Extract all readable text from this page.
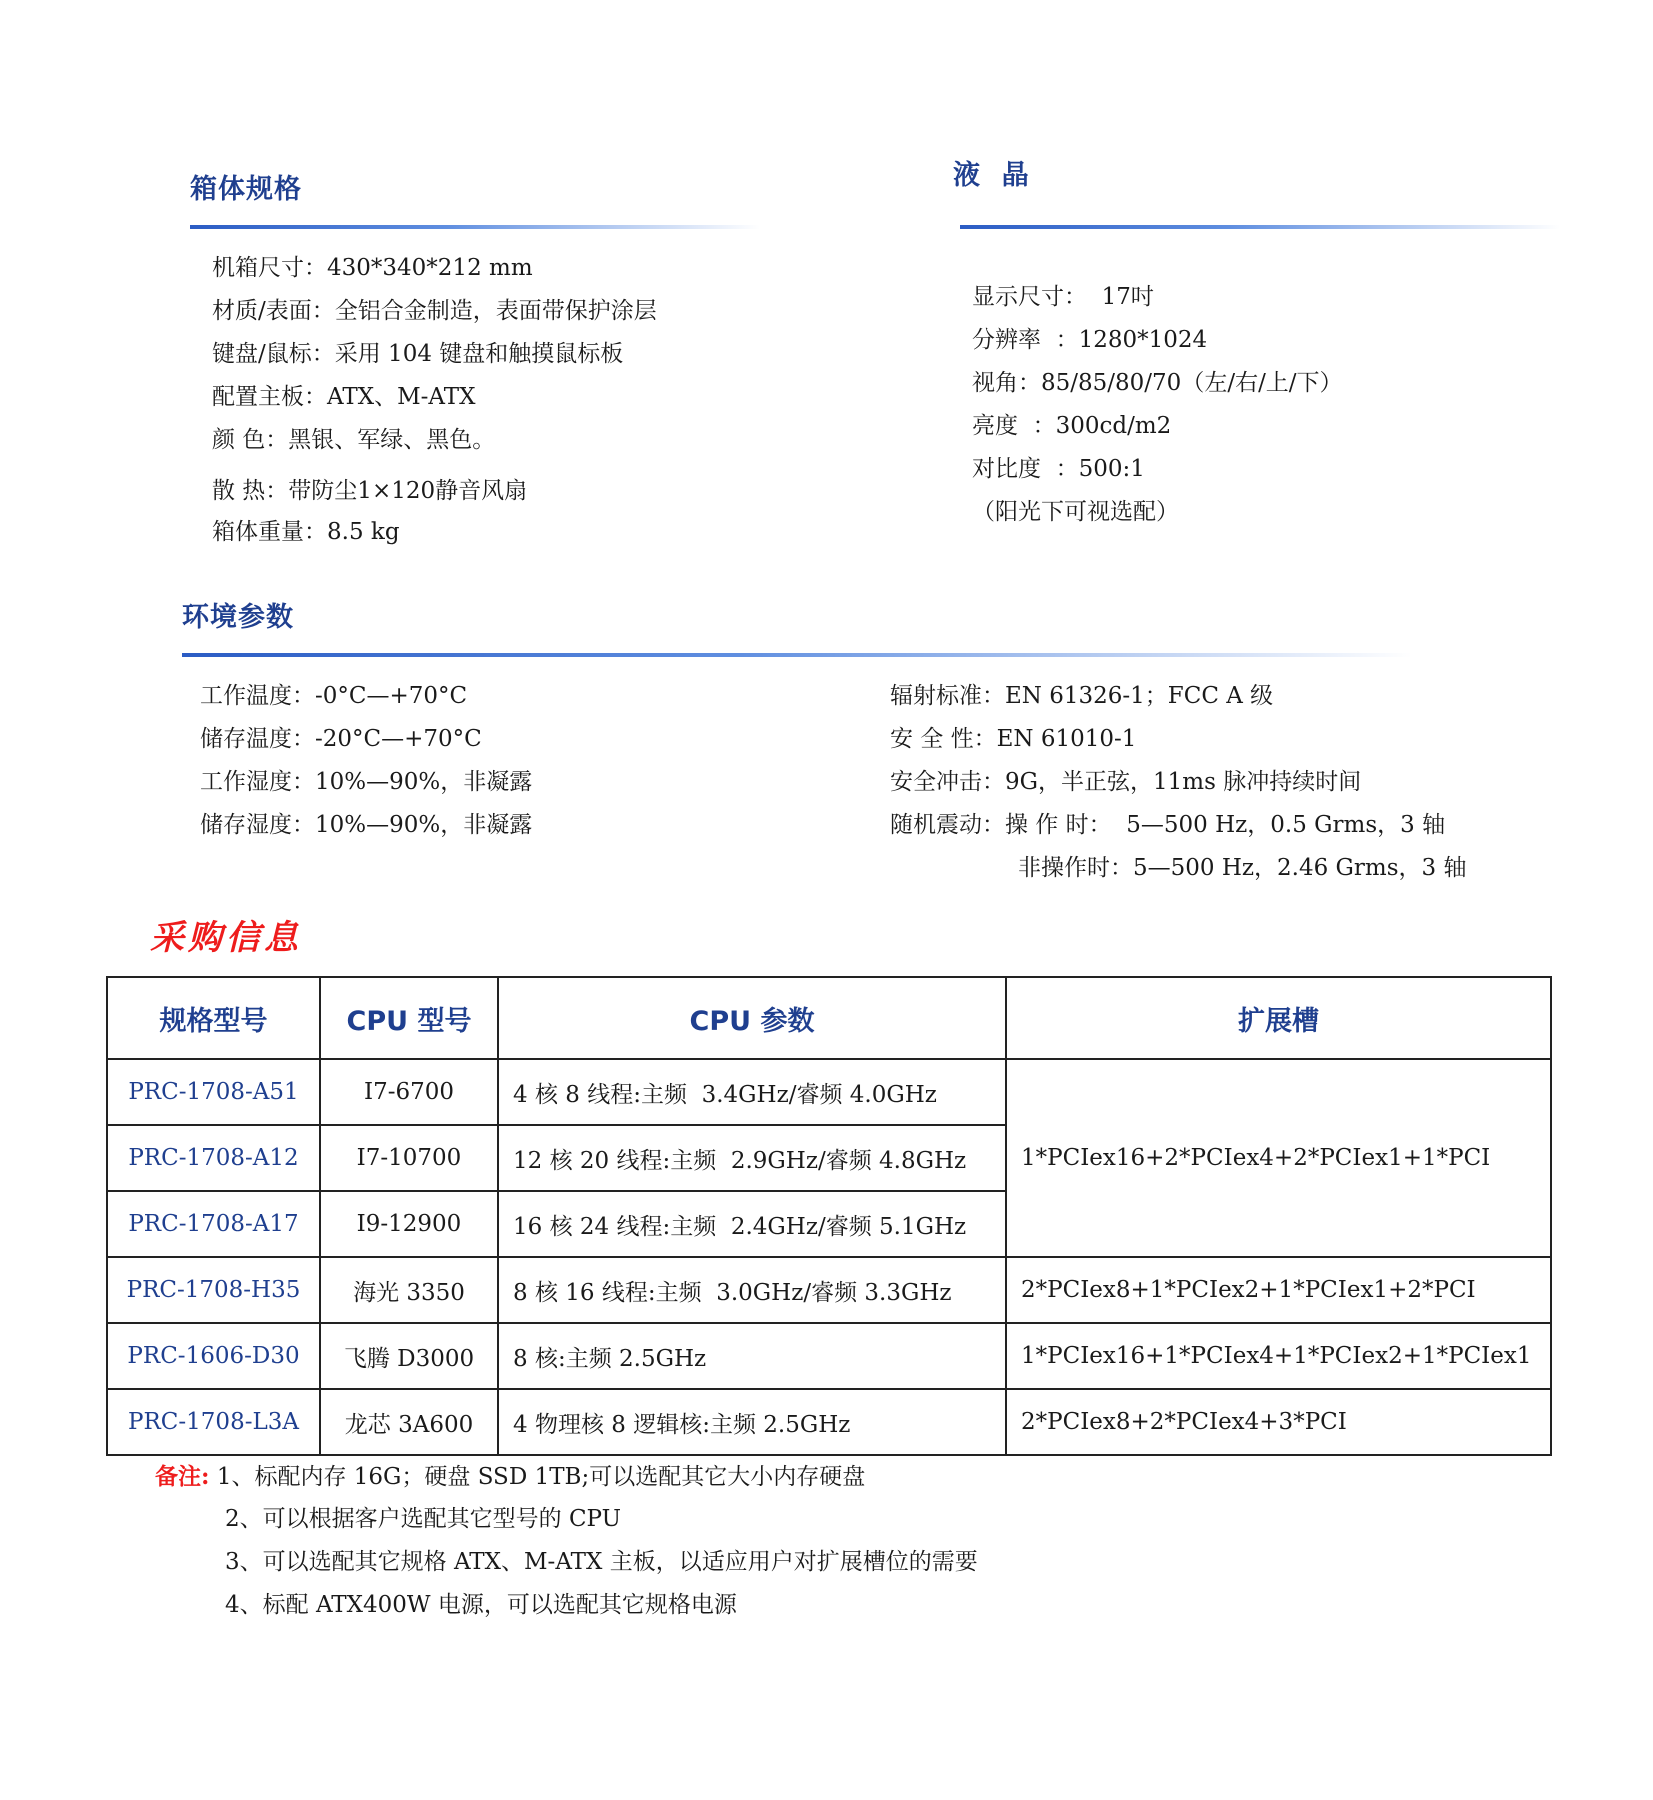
箱体规格
机箱尺寸：430*340*212 mm
材质/表面：全铝合金制造，表面带保护涂层
键盘/鼠标：采用 104 键盘和触摸鼠标板
配置主板：ATX、M-ATX
颜 色：黑银、军绿、黑色。
散 热：带防尘1×120静音风扇
箱体重量：8.5 kg
液  晶
显示尺寸：  17吋
分辨率  ：1280*1024
视角：85/85/80/70（左/右/上/下）
亮度  ：300cd/m2
对比度  ：500:1
（阳光下可视选配）
环境参数
工作温度：-0°C—+70°C
储存温度：-20°C—+70°C
工作湿度：10%—90%，非凝露
储存湿度：10%—90%，非凝露
辐射标准：EN 61326-1；FCC A 级
安 全 性：EN 61010-1
安全冲击：9G，半正弦，11ms 脉冲持续时间
随机震动：操 作 时：  5—500 Hz，0.5 Grms，3 轴
非操作时：5—500 Hz，2.46 Grms，3 轴
采购信息
规格型号	CPU 型号	CPU 参数	扩展槽
PRC-1708-A51	I7-6700	4 核 8 线程:主频  3.4GHz/睿频 4.0GHz	1*PCIex16+2*PCIex4+2*PCIex1+1*PCI
PRC-1708-A12	I7-10700	12 核 20 线程:主频  2.9GHz/睿频 4.8GHz	
PRC-1708-A17	I9-12900	16 核 24 线程:主频  2.4GHz/睿频 5.1GHz	
PRC-1708-H35	海光 3350	8 核 16 线程:主频  3.0GHz/睿频 3.3GHz	2*PCIex8+1*PCIex2+1*PCIex1+2*PCI
PRC-1606-D30	飞腾 D3000	8 核:主频 2.5GHz	1*PCIex16+1*PCIex4+1*PCIex2+1*PCIex1
PRC-1708-L3A	龙芯 3A600	4 物理核 8 逻辑核:主频 2.5GHz	2*PCIex8+2*PCIex4+3*PCI
备注: 1、标配内存 16G；硬盘 SSD 1TB;可以选配其它大小内存硬盘
2、可以根据客户选配其它型号的 CPU
3、可以选配其它规格 ATX、M-ATX 主板，以适应用户对扩展槽位的需要
4、标配 ATX400W 电源，可以选配其它规格电源
